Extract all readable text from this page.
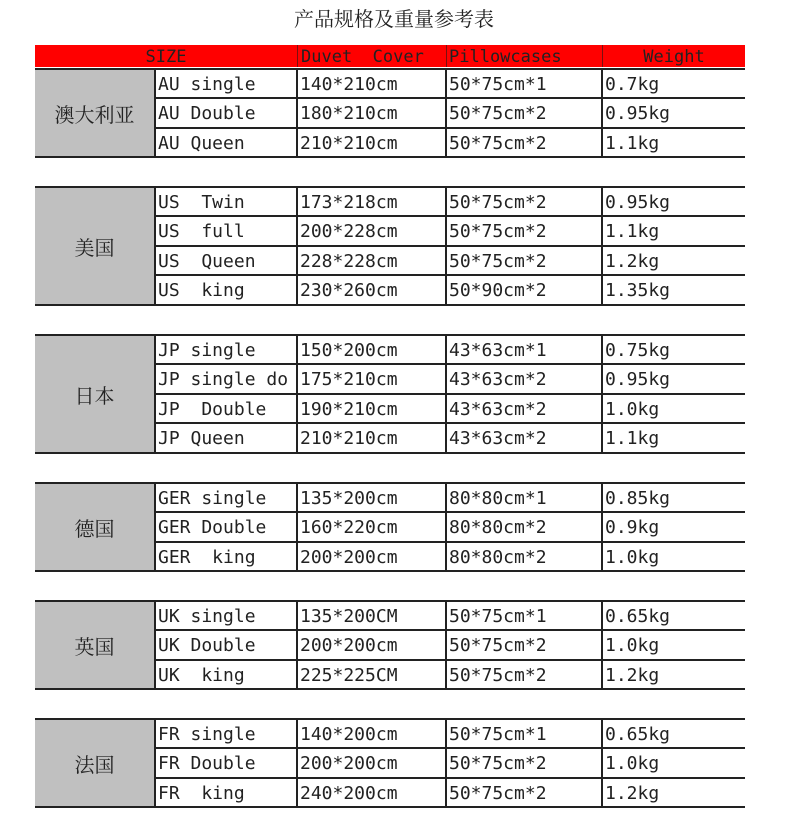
产品规格及重量参考表
SIZE	Duvet  Cover	Pillowcases	Weight
澳大利亚
AU single	140*210cm	50*75cm*1	0.7kg
AU Double	180*210cm	50*75cm*2	0.95kg
AU Queen	210*210cm	50*75cm*2	1.1kg
美国
US  Twin	173*218cm	50*75cm*2	0.95kg
US  full	200*228cm	50*75cm*2	1.1kg
US  Queen	228*228cm	50*75cm*2	1.2kg
US  king	230*260cm	50*90cm*2	1.35kg
日本
JP single	150*200cm	43*63cm*1	0.75kg
JP single do 175*210cm	43*63cm*2	0.95kg
JP  Double	190*210cm	43*63cm*2	1.0kg
JP Queen	210*210cm	43*63cm*2	1.1kg
德国
GER single	135*200cm	80*80cm*1	0.85kg
GER Double	160*220cm	80*80cm*2	0.9kg
GER  king	200*200cm	80*80cm*2	1.0kg
英国
UK single	135*200CM	50*75cm*1	0.65kg
UK Double	200*200cm	50*75cm*2	1.0kg
UK  king	225*225CM	50*75cm*2	1.2kg
法国
FR single	140*200cm	50*75cm*1	0.65kg
FR Double	200*200cm	50*75cm*2	1.0kg
FR  king	240*200cm	50*75cm*2	1.2kg
